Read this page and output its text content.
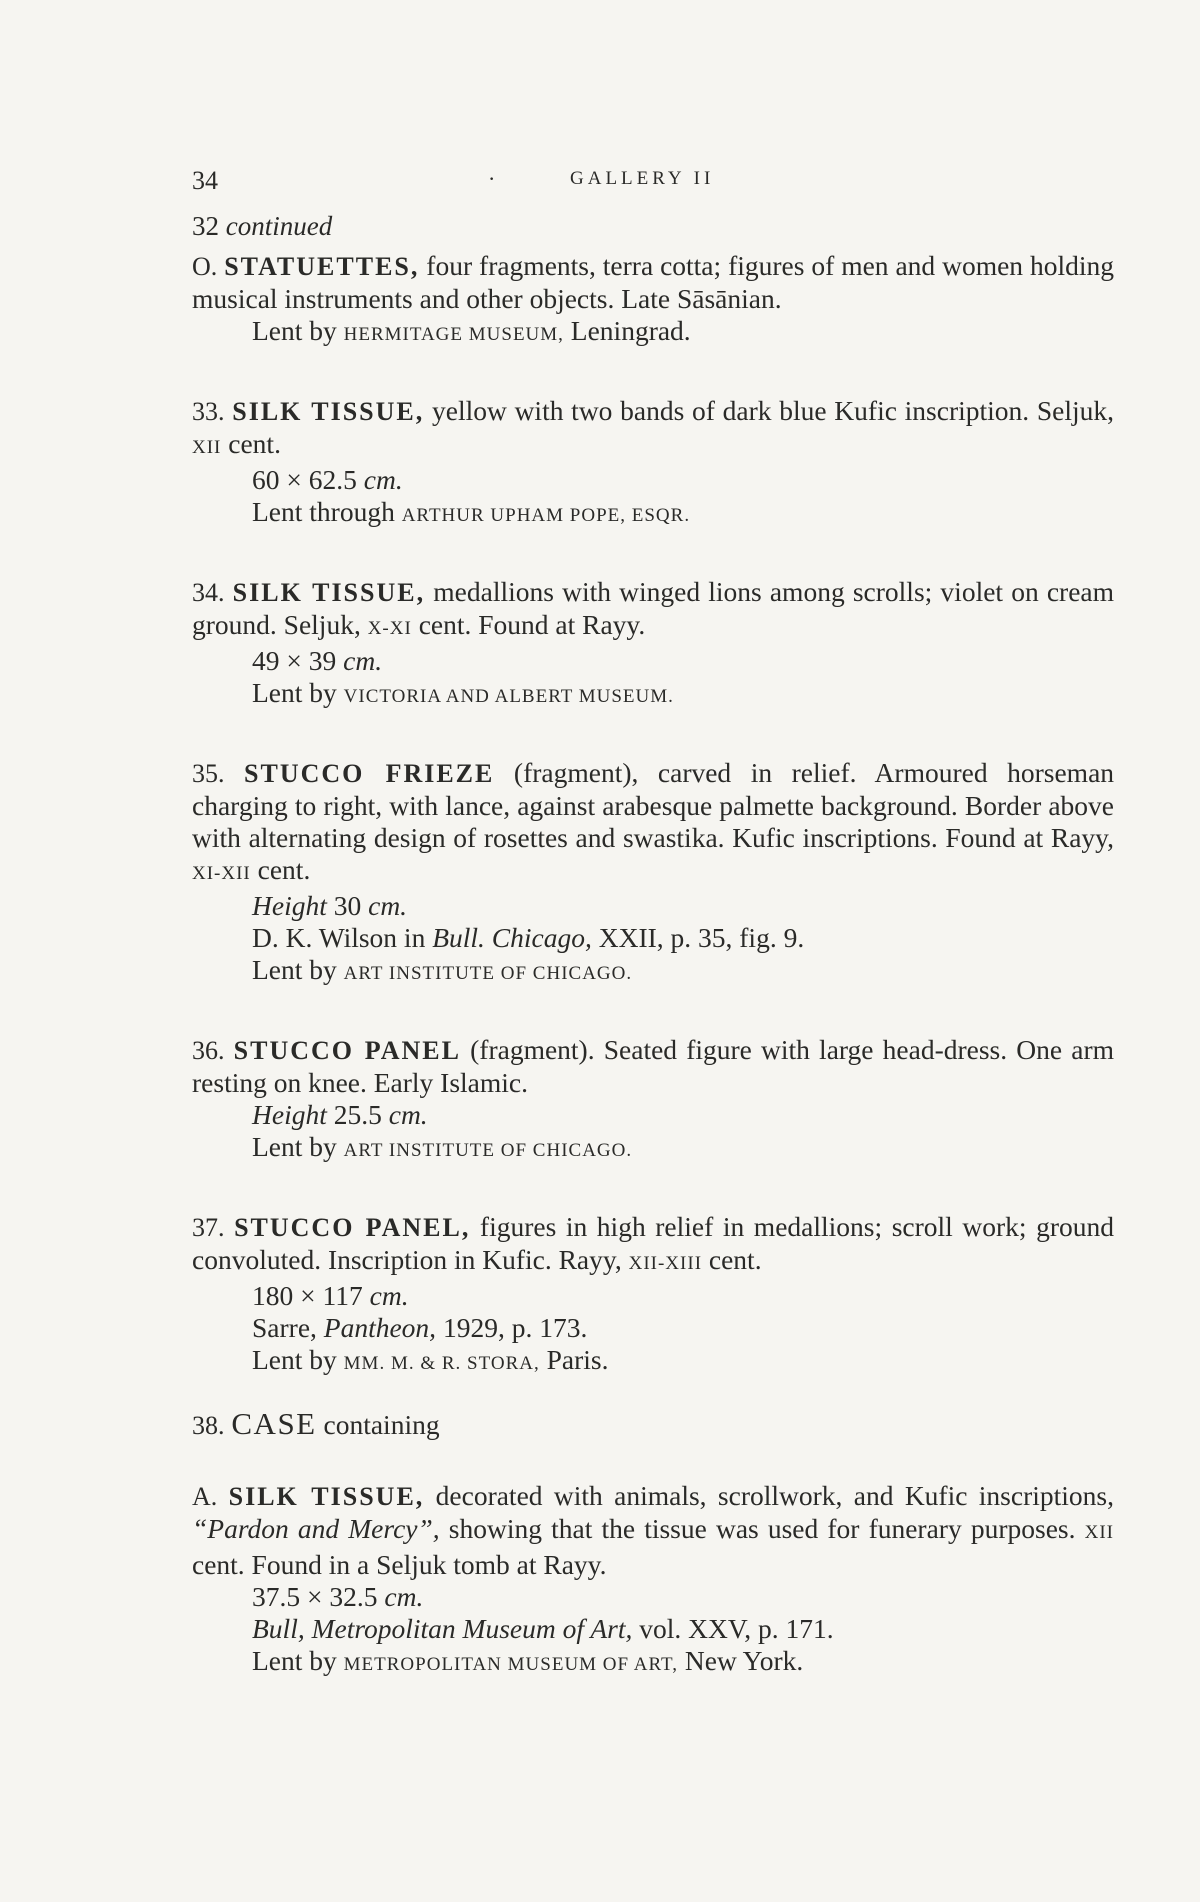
34	·	GALLERY II

32 continued

O. STATUETTES, four fragments, terra cotta; figures of men and women holding musical instruments and other objects. Late Sāsānian.

Lent by HERMITAGE MUSEUM, Leningrad.

33. SILK TISSUE, yellow with two bands of dark blue Kufic inscription. Seljuk, XII cent.

60 × 62.5 cm.

Lent through ARTHUR UPHAM POPE, ESQR.

34. SILK TISSUE, medallions with winged lions among scrolls; violet on cream ground. Seljuk, X-XI cent. Found at Rayy.

49 × 39 cm.

Lent by VICTORIA AND ALBERT MUSEUM.

35. STUCCO FRIEZE (fragment), carved in relief. Armoured horseman charging to right, with lance, against arabesque palmette background. Border above with alternating design of rosettes and swastika. Kufic inscriptions. Found at Rayy, XI-XII cent.

Height 30 cm.

D. K. Wilson in Bull. Chicago, XXII, p. 35, fig. 9.

Lent by ART INSTITUTE OF CHICAGO.

36. STUCCO PANEL (fragment). Seated figure with large head-dress. One arm resting on knee. Early Islamic.

Height 25.5 cm.

Lent by ART INSTITUTE OF CHICAGO.

37. STUCCO PANEL, figures in high relief in medallions; scroll work; ground convoluted. Inscription in Kufic. Rayy, XII-XIII cent.

180 × 117 cm.

Sarre, Pantheon, 1929, p. 173.

Lent by MM. M. & R. STORA, Paris.

38. CASE containing

A. SILK TISSUE, decorated with animals, scrollwork, and Kufic inscriptions, “Pardon and Mercy”, showing that the tissue was used for funerary purposes. XII cent. Found in a Seljuk tomb at Rayy.

37.5 × 32.5 cm.

Bull, Metropolitan Museum of Art, vol. XXV, p. 171.

Lent by METROPOLITAN MUSEUM OF ART, New York.
